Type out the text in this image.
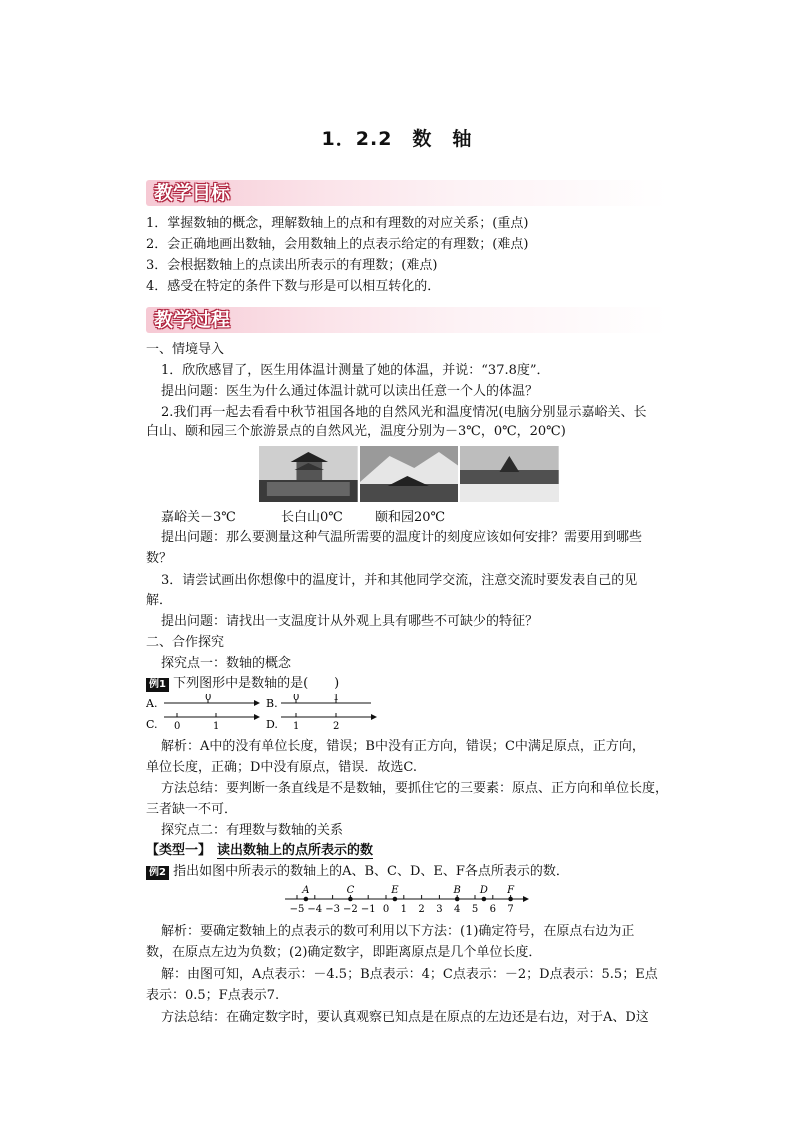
1．2.2　数　轴
教学目标
1．掌握数轴的概念，理解数轴上的点和有理数的对应关系；(重点)
2．会正确地画出数轴，会用数轴上的点表示给定的有理数；(难点)
3．会根据数轴上的点读出所表示的有理数；(难点)
4．感受在特定的条件下数与形是可以相互转化的．
教学过程
一、情境导入
1．欣欣感冒了，医生用体温计测量了她的体温，并说：“37.8度”．
提出问题：医生为什么通过体温计就可以读出任意一个人的体温？
2.我们再一起去看看中秋节祖国各地的自然风光和温度情况(电脑分别显示嘉峪关、长
白山、颐和园三个旅游景点的自然风光，温度分别为－3℃，0℃，20℃)
嘉峪关－3℃	长白山0℃ 颐和园20℃
提出问题：那么要测量这种气温所需要的温度计的刻度应该如何安排？需要用到哪些
数？
3．请尝试画出你想像中的温度计，并和其他同学交流，注意交流时要发表自己的见
解．
提出问题：请找出一支温度计从外观上具有哪些不可缺少的特征？
二、合作探究
探究点一：数轴的概念
例1 下列图形中是数轴的是(　　)
A.	0	B. 0	1
C. 0	1	D. 1	2
解析：A中的没有单位长度，错误；B中没有正方向，错误；C中满足原点，正方向，
单位长度，正确；D中没有原点，错误．故选C.
方法总结：要判断一条直线是不是数轴，要抓住它的三要素：原点、正方向和单位长度，
三者缺一不可．
探究点二：有理数与数轴的关系
【类型一】 读出数轴上的点所表示的数
例2 指出如图中所表示的数轴上的A、B、C、D、E、F各点所表示的数．
−5 −4 −3 −2 −1 0 1 2 3 4 5 6 7
A	C	E	B D F
解析：要确定数轴上的点表示的数可利用以下方法：(1)确定符号，在原点右边为正
数，在原点左边为负数；(2)确定数字，即距离原点是几个单位长度．
解：由图可知，A点表示：－4.5；B点表示：4；C点表示：－2；D点表示：5.5；E点
表示：0.5；F点表示7.
方法总结：在确定数字时，要认真观察已知点是在原点的左边还是右边，对于A、D这
